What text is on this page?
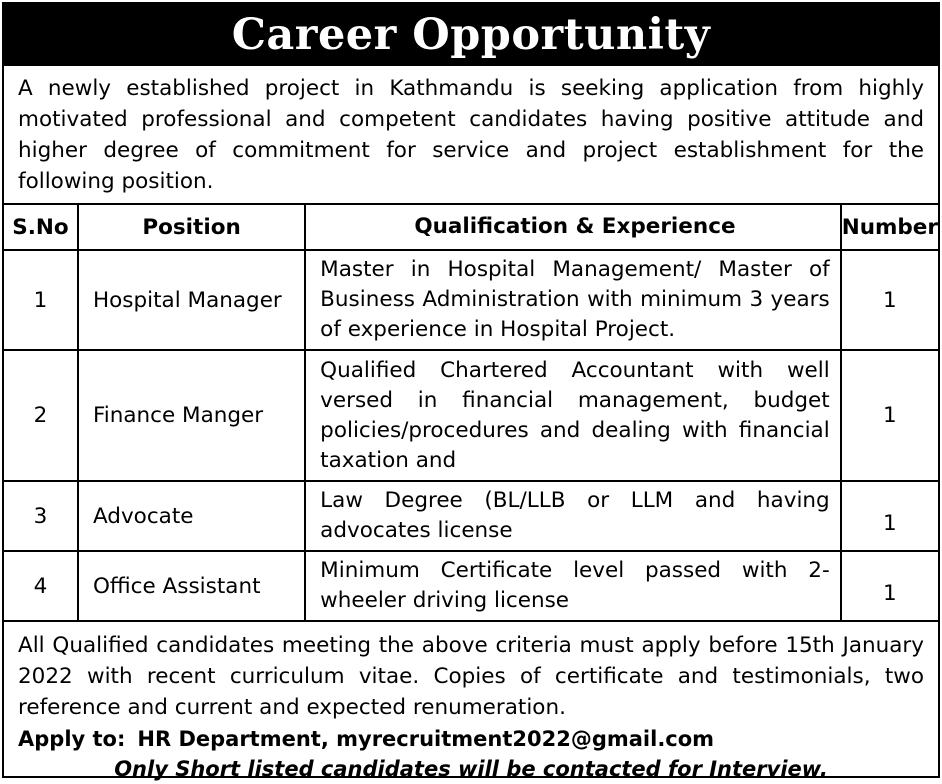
Career Opportunity
A newly established project in Kathmandu is seeking application from highly motivated professional and competent candidates having positive attitude and higher degree of commitment for service and project establishment for the following position.
S.No	Position	Qualification & Experience	Number
1	Hospital Manager	Master in Hospital Management/ Master of Business Administration with minimum 3 years of experience in Hospital Project.	1
2	Finance Manger	Qualified Chartered Accountant with well versed in financial management, budget policies/procedures and dealing with financial taxation and	1
3	Advocate	Law Degree (BL/LLB or LLM and having advocates license	1
4	Office Assistant	Minimum Certificate level passed with 2-wheeler driving license	1
All Qualified candidates meeting the above criteria must apply before 15th January 2022 with recent curriculum vitae. Copies of certificate and testimonials, two reference and current and expected renumeration.
Apply to: HR Department, myrecruitment2022@gmail.com
Only Short listed candidates will be contacted for Interview.
